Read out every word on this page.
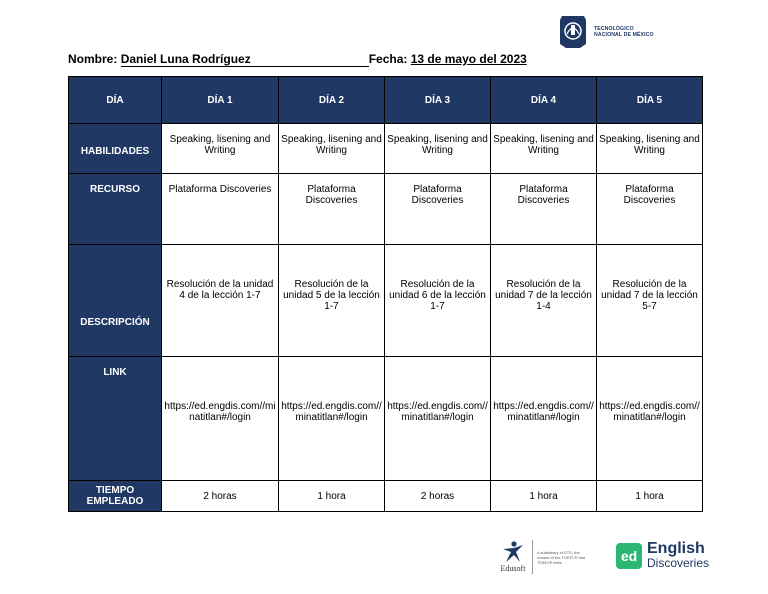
TECNOLÓGICO
NACIONAL DE MÉXICO
Nombre: Daniel Luna Rodríguez	Fecha: 13 de mayo del 2023
DÍA	DÍA 1	DÍA 2	DÍA 3	DÍA 4	DÍA 5
HABILIDADES	Speaking, lisening and Writing	Speaking, lisening and Writing	Speaking, lisening and Writing	Speaking, lisening and Writing	Speaking, lisening and Writing

RECURSO	Plataforma Discoveries	Plataforma Discoveries	Plataforma Discoveries	Plataforma Discoveries	Plataforma Discoveries

DESCRIPCIÓN	Resolución de la unidad 4 de la lección 1-7	Resolución de la unidad 5 de la lección 1-7	Resolución de la unidad 6 de la lección 1-7	Resolución de la unidad 7 de la lección 1-4	Resolución de la unidad 7 de la lección 5-7

LINK	https://ed.engdis.com//minatitlan#/login	https://ed.engdis.com//minatitlan#/login	https://ed.engdis.com//minatitlan#/login	https://ed.engdis.com//minatitlan#/login	https://ed.engdis.com//minatitlan#/login

TIEMPO EMPLEADO	2 horas	1 hora	2 horas	1 hora	1 hora
Edusoft
A subsidiary of ETS, the creator of the TOEFL® and TOEIC® tests	ed English
Discoveries
